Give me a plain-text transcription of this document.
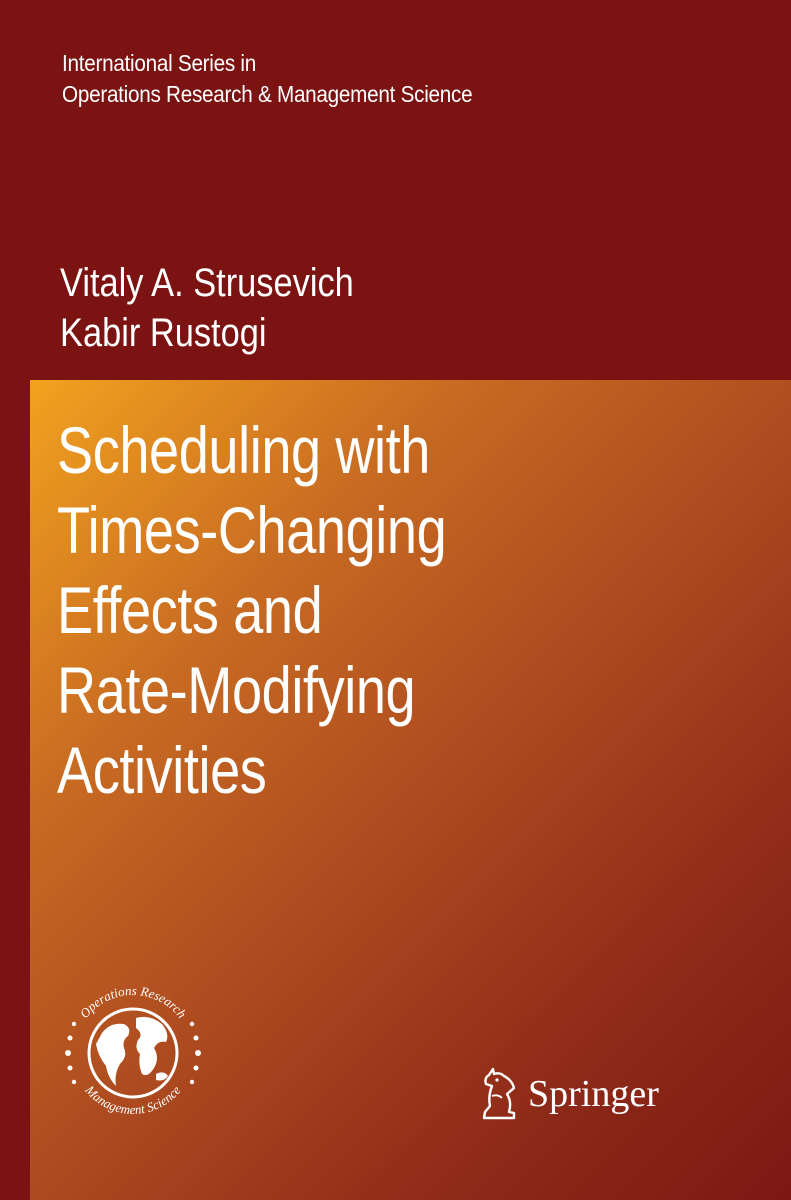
International Series in
Operations Research & Management Science
Vitaly A. Strusevich
Kabir Rustogi
Scheduling with
Times-Changing
Effects and
Rate-Modifying
Activities
Operations Research
Management Science	Springer
